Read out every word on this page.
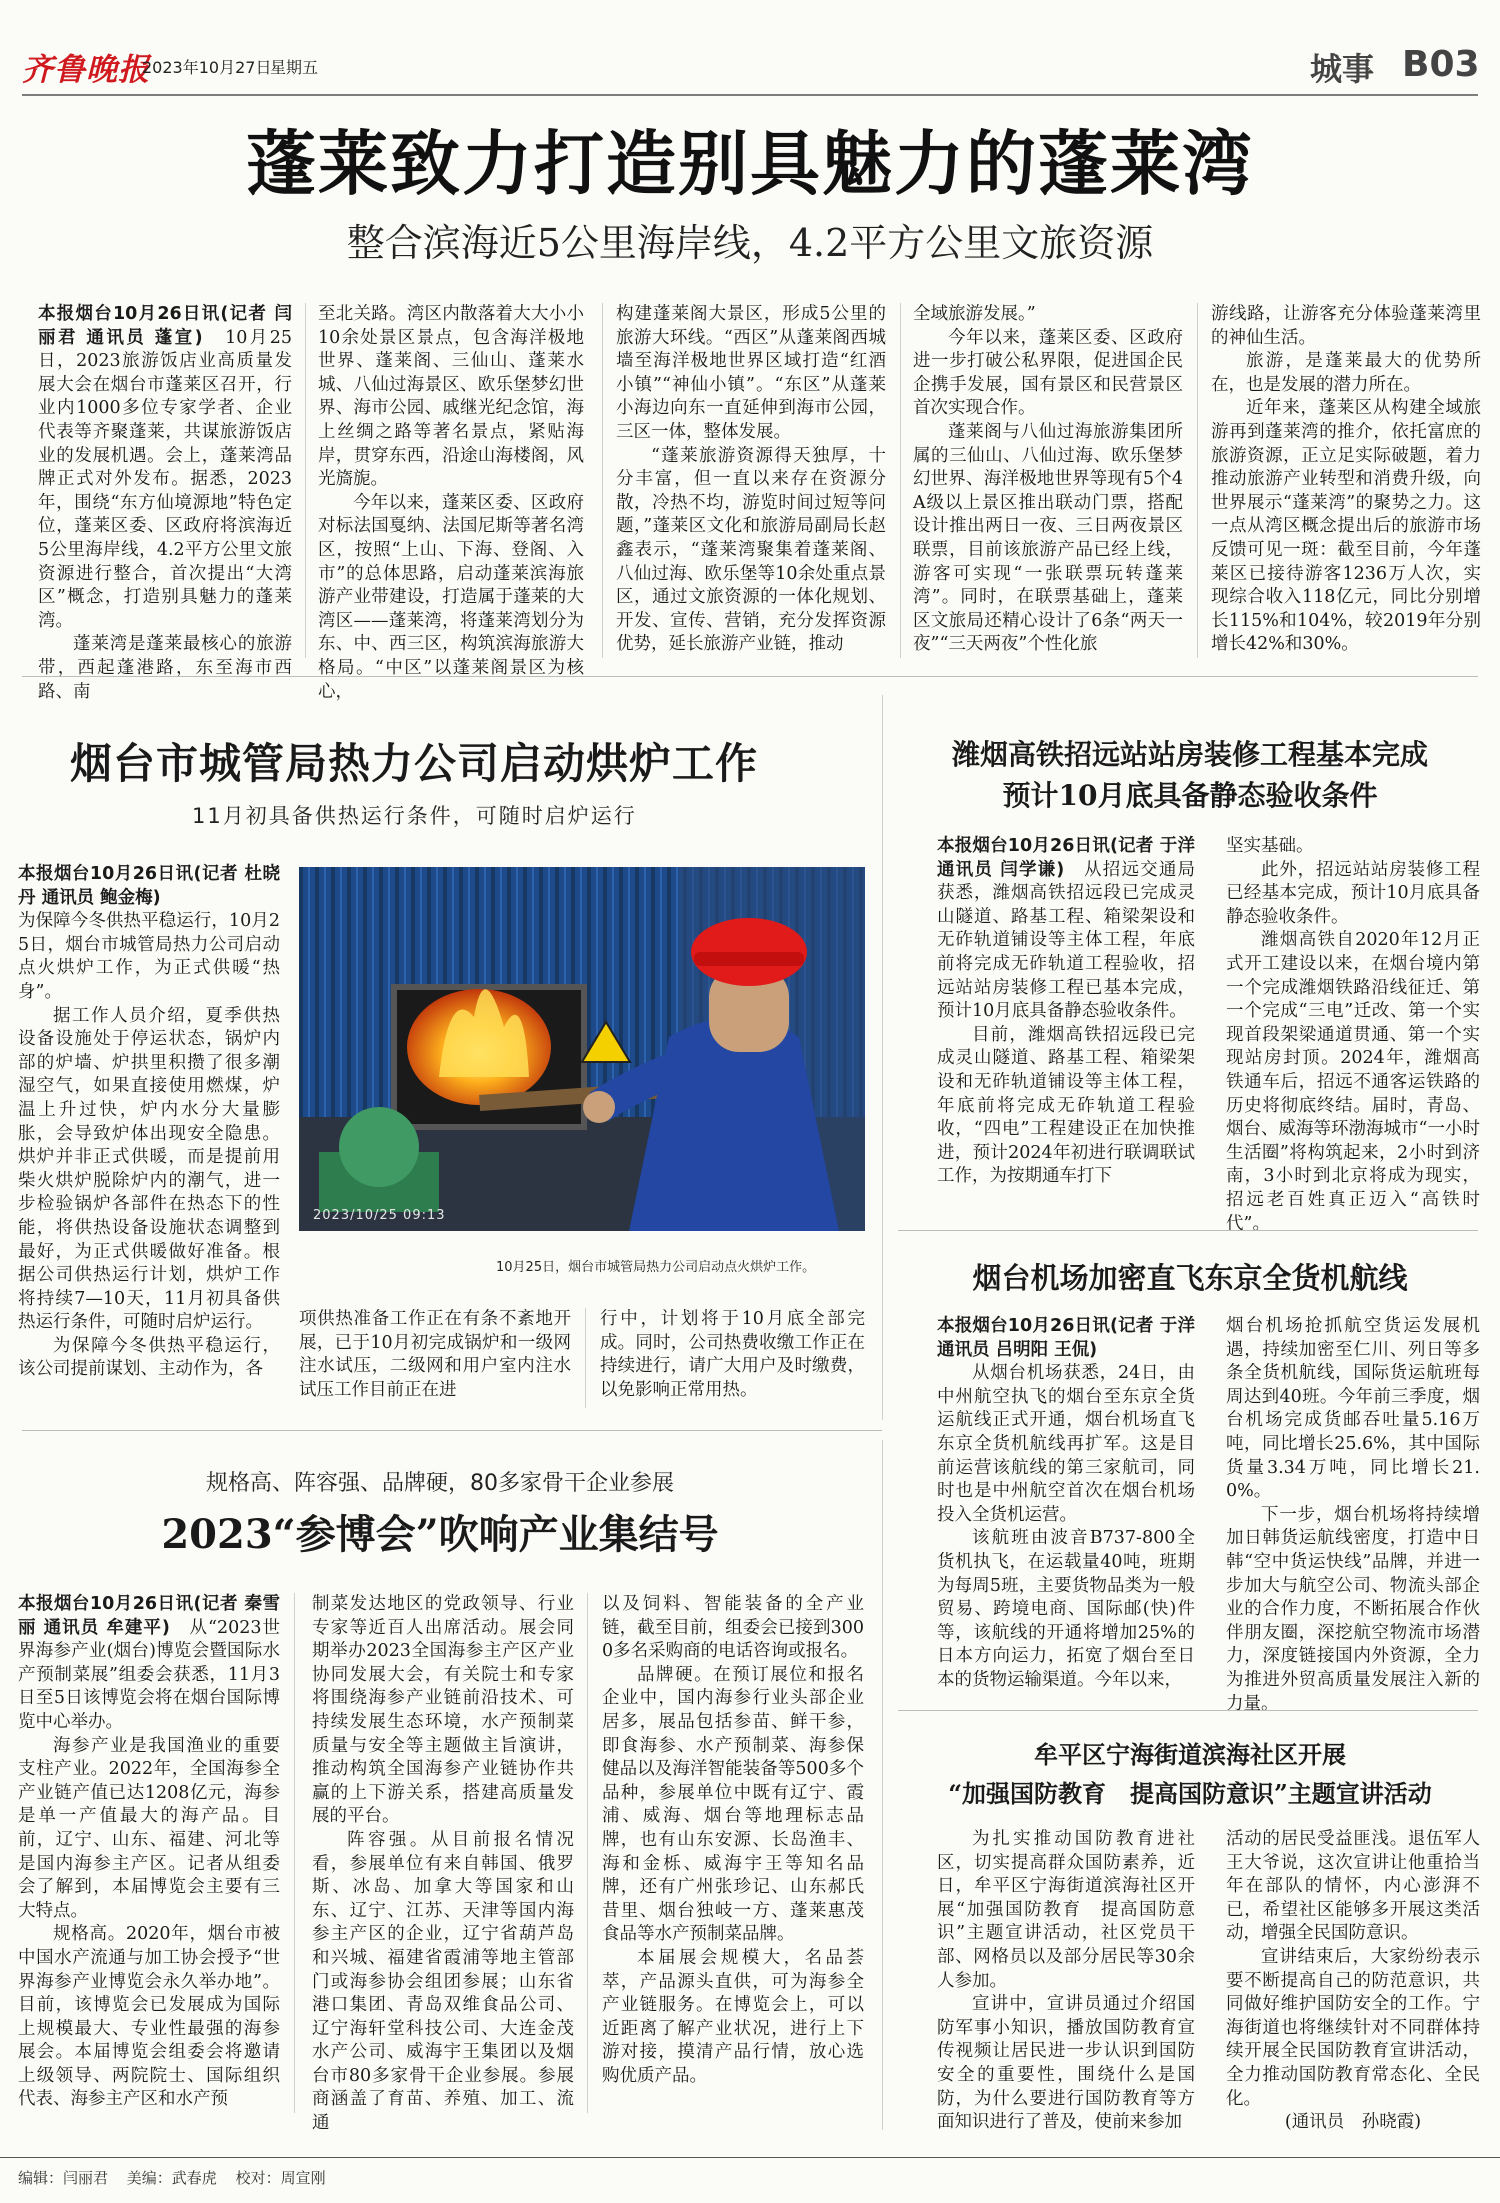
齐鲁晚报
2023年10月27日
星期五	城事 B03
蓬莱致力打造别具魅力的蓬莱湾
整合滨海近5公里海岸线，4.2平方公里文旅资源

本报烟台10月26日讯(记者 闫丽君 通讯员 蓬宣)　 10月25日，2023旅游饭店业高质量发展大会在烟台市蓬莱区召开，行业内1000多位专家学者、企业代表等齐聚蓬莱，共谋旅游饭店业的发展机遇。会上，蓬莱湾品牌正式对外发布。据悉，2023年，围绕“东方仙境源地”特色定位，蓬莱区委、区政府将滨海近5公里海岸线，4.2平方公里文旅资源进行整合，首次提出“大湾区”概念，打造别具魅力的蓬莱湾。

蓬莱湾是蓬莱最核心的旅游带，西起蓬港路，东至海市西路、南

至北关路。湾区内散落着大大小小10余处景区景点，包含海洋极地世界、蓬莱阁、三仙山、蓬莱水城、八仙过海景区、欧乐堡梦幻世界、海市公园、戚继光纪念馆，海上丝绸之路等著名景点，紧贴海岸，贯穿东西，沿途山海楼阁，风光旖旎。

今年以来，蓬莱区委、区政府对标法国戛纳、法国尼斯等著名湾区，按照“上山、下海、登阁、入市”的总体思路，启动蓬莱滨海旅游产业带建设，打造属于蓬莱的大湾区——蓬莱湾，将蓬莱湾划分为东、中、西三区，构筑滨海旅游大格局。“中区”以蓬莱阁景区为核心，

构建蓬莱阁大景区，形成5公里的旅游大环线。“西区”从蓬莱阁西城墙至海洋极地世界区域打造“红酒小镇”“神仙小镇”。“东区”从蓬莱小海边向东一直延伸到海市公园，三区一体，整体发展。

“蓬莱旅游资源得天独厚，十分丰富，但一直以来存在资源分散，冷热不均，游览时间过短等问题，”蓬莱区文化和旅游局副局长赵鑫表示，“蓬莱湾聚集着蓬莱阁、八仙过海、欧乐堡等10余处重点景区，通过文旅资源的一体化规划、开发、宣传、营销，充分发挥资源优势，延长旅游产业链，推动

全域旅游发展。”

今年以来，蓬莱区委、区政府进一步打破公私界限，促进国企民企携手发展，国有景区和民营景区首次实现合作。

蓬莱阁与八仙过海旅游集团所属的三仙山、八仙过海、欧乐堡梦幻世界、海洋极地世界等现有5个4A级以上景区推出联动门票，搭配设计推出两日一夜、三日两夜景区联票，目前该旅游产品已经上线，游客可实现“一张联票玩转蓬莱湾”。同时，在联票基础上，蓬莱区文旅局还精心设计了6条“两天一夜”“三天两夜”个性化旅

游线路，让游客充分体验蓬莱湾里的神仙生活。

旅游，是蓬莱最大的优势所在，也是发展的潜力所在。

近年来，蓬莱区从构建全域旅游再到蓬莱湾的推介，依托富庶的旅游资源，正立足实际破题，着力推动旅游产业转型和消费升级，向世界展示“蓬莱湾”的聚势之力。这一点从湾区概念提出后的旅游市场反馈可见一斑：截至目前，今年蓬莱区已接待游客1236万人次，实现综合收入118亿元，同比分别增长115%和104%，较2019年分别增长42%和30%。

烟台市城管局热力公司启动烘炉工作
11月初具备供热运行条件，可随时启炉运行

本报烟台10月26日讯(记者 杜晓丹 通讯员 鲍金梅)

为保障今冬供热平稳运行，10月25日，烟台市城管局热力公司启动点火烘炉工作，为正式供暖“热身”。

据工作人员介绍，夏季供热设备设施处于停运状态，锅炉内部的炉墙、炉拱里积攒了很多潮湿空气，如果直接使用燃煤，炉温上升过快，炉内水分大量膨胀，会导致炉体出现安全隐患。烘炉并非正式供暖，而是提前用柴火烘炉脱除炉内的潮气，进一步检验锅炉各部件在热态下的性能，将供热设备设施状态调整到最好，为正式供暖做好准备。根据公司供热运行计划，烘炉工作将持续7—10天，11月初具备供热运行条件，可随时启炉运行。

为保障今冬供热平稳运行，该公司提前谋划、主动作为，各

2023/10/25 09:13
10月25日，烟台市城管局热力公司启动点火烘炉工作。

项供热准备工作正在有条不紊地开展，已于10月初完成锅炉和一级网注水试压，二级网和用户室内注水试压工作目前正在进

行中，计划将于10月底全部完成。同时，公司热费收缴工作正在持续进行，请广大用户及时缴费，以免影响正常用热。

潍烟高铁招远站站房装修工程基本完成
预计10月底具备静态验收条件

本报烟台10月26日讯(记者 于洋 通讯员 闫学谦)　 从招远交通局获悉，潍烟高铁招远段已完成灵山隧道、路基工程、箱梁架设和无砟轨道铺设等主体工程，年底前将完成无砟轨道工程验收，招远站站房装修工程已基本完成，预计10月底具备静态验收条件。

目前，潍烟高铁招远段已完成灵山隧道、路基工程、箱梁架设和无砟轨道铺设等主体工程，年底前将完成无砟轨道工程验收，“四电”工程建设正在加快推进，预计2024年初进行联调联试工作，为按期通车打下

坚实基础。

此外，招远站站房装修工程已经基本完成，预计10月底具备静态验收条件。

潍烟高铁自2020年12月正式开工建设以来，在烟台境内第一个完成潍烟铁路沿线征迁、第一个完成“三电”迁改、第一个实现首段架梁通道贯通、第一个实现站房封顶。2024年，潍烟高铁通车后，招远不通客运铁路的历史将彻底终结。届时，青岛、烟台、威海等环渤海城市“一小时生活圈”将构筑起来，2小时到济南，3小时到北京将成为现实，招远老百姓真正迈入“高铁时代”。

烟台机场加密直飞东京全货机航线

本报烟台10月26日讯(记者 于洋 通讯员 吕明阳 王侃)

从烟台机场获悉，24日，由中州航空执飞的烟台至东京全货运航线正式开通，烟台机场直飞东京全货机航线再扩军。这是目前运营该航线的第三家航司，同时也是中州航空首次在烟台机场投入全货机运营。

该航班由波音B737-800全货机执飞，在运载量40吨，班期为每周5班，主要货物品类为一般贸易、跨境电商、国际邮(快)件等，该航线的开通将增加25%的日本方向运力，拓宽了烟台至日本的货物运输渠道。今年以来，

烟台机场抢抓航空货运发展机遇，持续加密至仁川、列日等多条全货机航线，国际货运航班每周达到40班。今年前三季度，烟台机场完成货邮吞吐量5.16万吨，同比增长25.6%，其中国际货量3.34万吨，同比增长21.0%。

下一步，烟台机场将持续增加日韩货运航线密度，打造中日韩“空中货运快线”品牌，并进一步加大与航空公司、物流头部企业的合作力度，不断拓展合作伙伴朋友圈，深挖航空物流市场潜力，深度链接国内外资源，全力为推进外贸高质量发展注入新的力量。

规格高、阵容强、品牌硬，80多家骨干企业参展
2023“参博会”吹响产业集结号

本报烟台10月26日讯(记者 秦雪丽 通讯员 牟建平)　 从“2023世界海参产业(烟台)博览会暨国际水产预制菜展”组委会获悉，11月3日至5日该博览会将在烟台国际博览中心举办。

海参产业是我国渔业的重要支柱产业。2022年，全国海参全产业链产值已达1208亿元，海参是单一产值最大的海产品。目前，辽宁、山东、福建、河北等是国内海参主产区。记者从组委会了解到，本届博览会主要有三大特点。

规格高。2020年，烟台市被中国水产流通与加工协会授予“世界海参产业博览会永久举办地”。目前，该博览会已发展成为国际上规模最大、专业性最强的海参展会。本届博览会组委会将邀请上级领导、两院院士、国际组织代表、海参主产区和水产预

制菜发达地区的党政领导、行业专家等近百人出席活动。展会同期举办2023全国海参主产区产业协同发展大会，有关院士和专家将围绕海参产业链前沿技术、可持续发展生态环境，水产预制菜质量与安全等主题做主旨演讲，推动构筑全国海参产业链协作共赢的上下游关系，搭建高质量发展的平台。

阵容强。从目前报名情况看，参展单位有来自韩国、俄罗斯、冰岛、加拿大等国家和山东、辽宁、江苏、天津等国内海参主产区的企业，辽宁省葫芦岛和兴城、福建省霞浦等地主管部门或海参协会组团参展；山东省港口集团、青岛双维食品公司、辽宁海轩堂科技公司、大连金茂水产公司、威海宇王集团以及烟台市80多家骨干企业参展。参展商涵盖了育苗、养殖、加工、流通

以及饲料、智能装备的全产业链，截至目前，组委会已接到3000多名采购商的电话咨询或报名。

品牌硬。在预订展位和报名企业中，国内海参行业头部企业居多，展品包括参苗、鲜干参，即食海参、水产预制菜、海参保健品以及海洋智能装备等500多个品种，参展单位中既有辽宁、霞浦、威海、烟台等地理标志品牌，也有山东安源、长岛渔丰、海和金栎、威海宇王等知名品牌，还有广州张珍记、山东郝氏昔里、烟台独岐一方、蓬莱惠茂食品等水产预制菜品牌。

本届展会规模大，名品荟萃，产品源头直供，可为海参全产业链服务。在博览会上，可以近距离了解产业状况，进行上下游对接，摸清产品行情，放心选购优质产品。

牟平区宁海街道滨海社区开展
“加强国防教育　提高国防意识”主题宣讲活动

为扎实推动国防教育进社区，切实提高群众国防素养，近日，牟平区宁海街道滨海社区开展“加强国防教育　提高国防意识”主题宣讲活动，社区党员干部、网格员以及部分居民等30余人参加。

宣讲中，宣讲员通过介绍国防军事小知识，播放国防教育宣传视频让居民进一步认识到国防安全的重要性，围绕什么是国防，为什么要进行国防教育等方面知识进行了普及，使前来参加

活动的居民受益匪浅。退伍军人王大爷说，这次宣讲让他重拾当年在部队的情怀，内心澎湃不已，希望社区能够多开展这类活动，增强全民国防意识。

宣讲结束后，大家纷纷表示要不断提高自己的防范意识，共同做好维护国防安全的工作。宁海街道也将继续针对不同群体持续开展全民国防教育宣讲活动，全力推动国防教育常态化、全民化。

(通讯员　孙晓霞)

编辑：闫丽君 美编：武春虎 校对：周宣刚
